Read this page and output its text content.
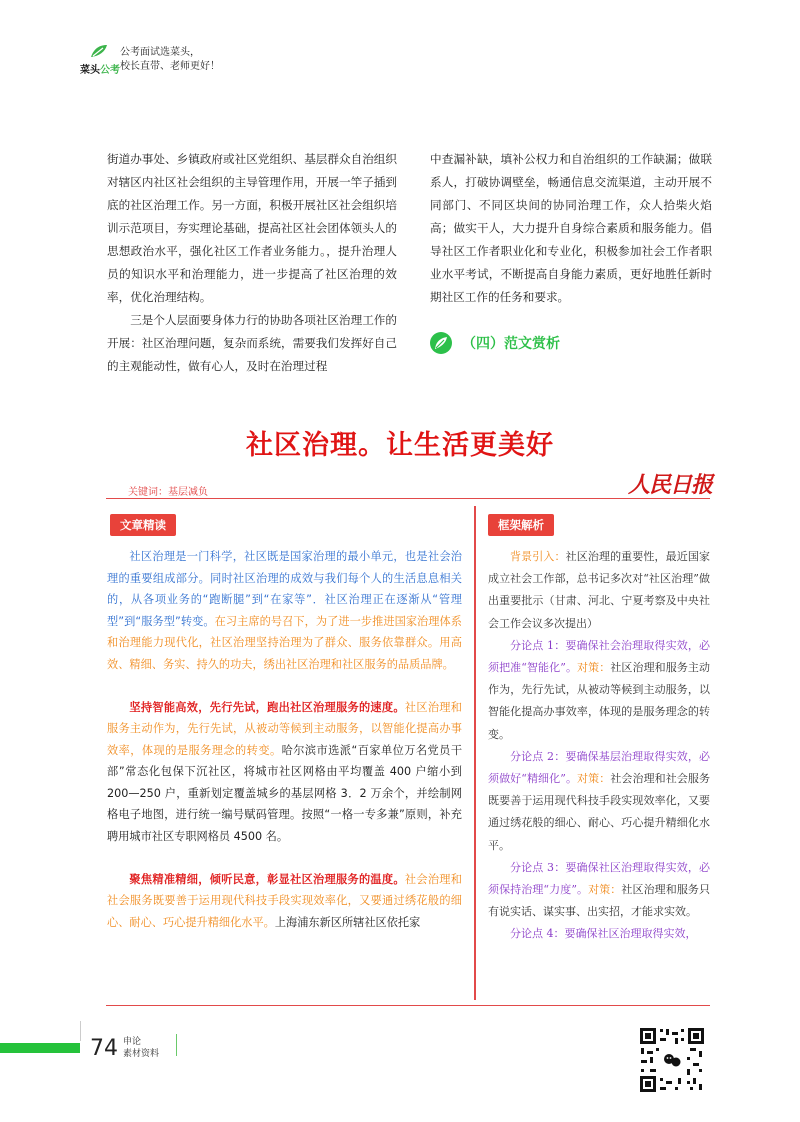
菜头公考
公考面试选菜头，
校长直带、老师更好！

街道办事处、乡镇政府或社区党组织、基层群众自治组织对辖区内社区社会组织的主导管理作用，开展一竿子插到底的社区治理工作。另一方面，积极开展社区社会组织培训示范项目，夯实理论基础，提高社区社会团体领头人的思想政治水平，强化社区工作者业务能力。，提升治理人员的知识水平和治理能力，进一步提高了社区治理的效率，优化治理结构。

三是个人层面要身体力行的协助各项社区治理工作的开展：社区治理问题，复杂而系统，需要我们发挥好自己的主观能动性，做有心人，及时在治理过程

中查漏补缺，填补公权力和自治组织的工作缺漏；做联系人，打破协调壁垒，畅通信息交流渠道，主动开展不同部门、不同区块间的协同治理工作，众人拾柴火焰高；做实干人，大力提升自身综合素质和服务能力。倡导社区工作者职业化和专业化，积极参加社会工作者职业水平考试，不断提高自身能力素质，更好地胜任新时期社区工作的任务和要求。

（四）范文赏析
社区治理。让生活更美好
关键词：基层减负	人民日报
文章精读	框架解析

社区治理是一门科学，社区既是国家治理的最小单元，也是社会治理的重要组成部分。同时社区治理的成效与我们每个人的生活息息相关的，从各项业务的“跑断腿”到“在家等”．社区治理正在逐渐从“管理型”到“服务型”转变。在习主席的号召下，为了进一步推进国家治理体系和治理能力现代化，社区治理坚持治理为了群众、服务依靠群众。用高效、精细、务实、持久的功夫，绣出社区治理和社区服务的品质品牌。

坚持智能高效，先行先试，跑出社区治理服务的速度。社区治理和服务主动作为，先行先试，从被动等候到主动服务，以智能化提高办事效率，体现的是服务理念的转变。哈尔滨市选派“百家单位万名党员干部”常态化包保下沉社区，将城市社区网格由平均覆盖 400 户缩小到 200—250 户，重新划定覆盖城乡的基层网格 3．2 万余个，并绘制网格电子地图，进行统一编号赋码管理。按照“一格一专多兼”原则，补充聘用城市社区专职网格员 4500 名。

聚焦精准精细，倾听民意，彰显社区治理服务的温度。社会治理和社会服务既要善于运用现代科技手段实现效率化，又要通过绣花般的细心、耐心、巧心提升精细化水平。上海浦东新区所辖社区依托家

背景引入：社区治理的重要性，最近国家成立社会工作部，总书记多次对“社区治理”做出重要批示（甘肃、河北、宁夏考察及中央社会工作会议多次提出）

分论点 1：要确保社会治理取得实效，必须把准“智能化”。对策：社区治理和服务主动作为，先行先试，从被动等候到主动服务，以智能化提高办事效率，体现的是服务理念的转变。

分论点 2：要确保基层治理取得实效，必须做好“精细化”。对策：社会治理和社会服务既要善于运用现代科技手段实现效率化，又要通过绣花般的细心、耐心、巧心提升精细化水平。

分论点 3：要确保社区治理取得实效，必须保持治理“力度”。对策：社区治理和服务只有说实话、谋实事、出实招，才能求实效。

分论点 4：要确保社区治理取得实效，

74 申论
素材资料
